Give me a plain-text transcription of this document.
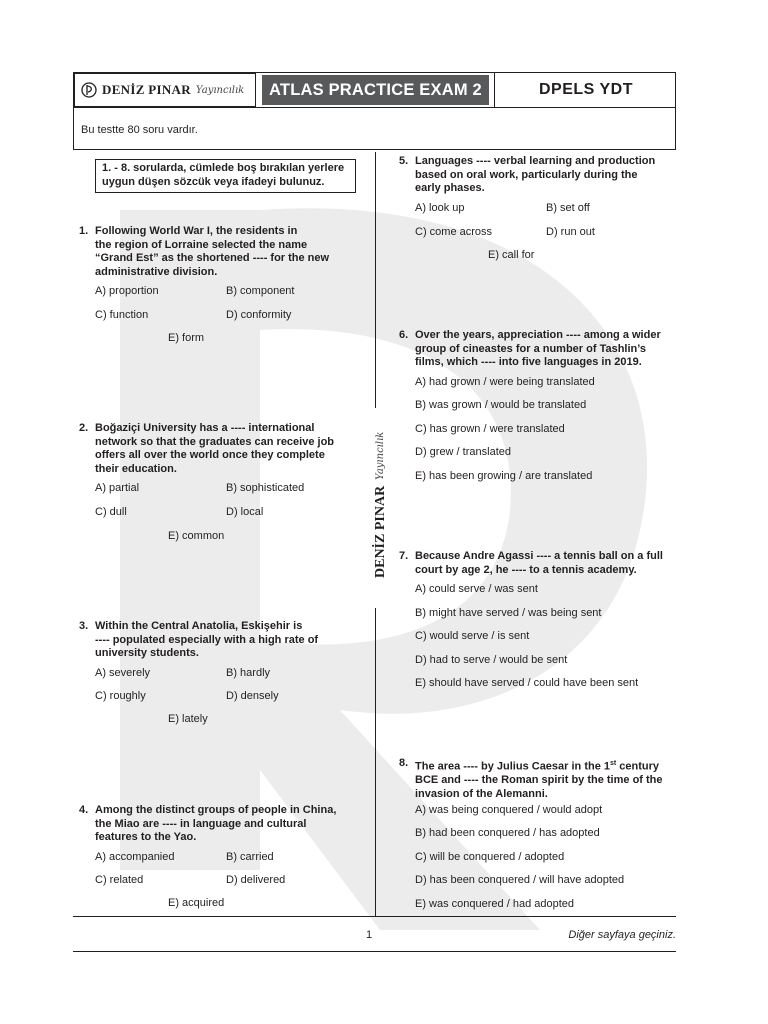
DENİZ PINAR Yayıncılık	ATLAS PRACTICE EXAM 2	DPELS YDT
Bu testte 80 soru vardır.
DENİZ PINAR
Yayıncılık
1. - 8. sorularda, cümlede boş bırakılan yerlere uygun düşen sözcük veya ifadeyi bulunuz.
1. Following World War I, the residents in
the region of Lorraine selected the name
“Grand Est” as the shortened ---- for the new
administrative division.
A) proportion	B) component
C) function	D) conformity
E) form
2. Boğaziçi University has a ---- international
network so that the graduates can receive job
offers all over the world once they complete
their education.
A) partial	B) sophisticated
C) dull	D) local
E) common
3. Within the Central Anatolia, Eskişehir is
---- populated especially with a high rate of
university students.
A) severely	B) hardly
C) roughly	D) densely
E) lately
4. Among the distinct groups of people in China,
the Miao are ---- in language and cultural
features to the Yao.
A) accompanied	B) carried
C) related	D) delivered
E) acquired
5. Languages ---- verbal learning and production
based on oral work, particularly during the
early phases.
A) look up	B) set off
C) come across	D) run out
E) call for
6. Over the years, appreciation ---- among a wider
group of cineastes for a number of Tashlin’s
films, which ---- into five languages in 2019.
A) had grown / were being translated
B) was grown / would be translated
C) has grown / were translated
D) grew / translated
E) has been growing / are translated
7. Because Andre Agassi ---- a tennis ball on a full
court by age 2, he ---- to a tennis academy.
A) could serve / was sent
B) might have served / was being sent
C) would serve / is sent
D) had to serve / would be sent
E) should have served / could have been sent
8. The area ---- by Julius Caesar in the 1st century
BCE and ---- the Roman spirit by the time of the
invasion of the Alemanni.
A) was being conquered / would adopt
B) had been conquered / has adopted
C) will be conquered / adopted
D) has been conquered / will have adopted
E) was conquered / had adopted
1	Diğer sayfaya geçiniz.
